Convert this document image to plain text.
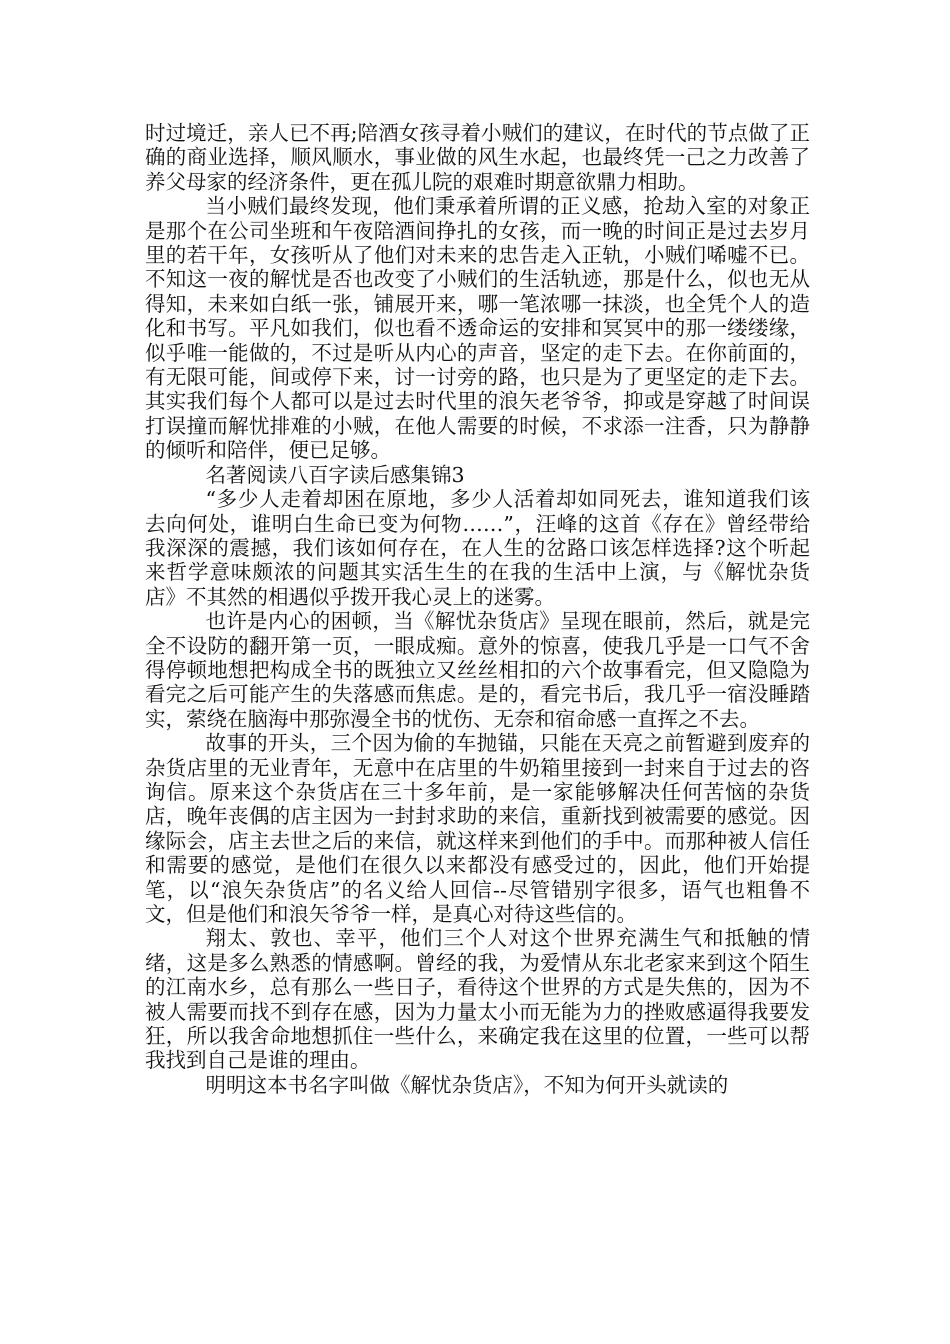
时过境迁，亲人已不再;陪酒女孩寻着小贼们的建议，在时代的节点做了正确的商业选择，顺风顺水，事业做的风生水起，也最终凭一己之力改善了养父母家的经济条件，更在孤儿院的艰难时期意欲鼎力相助。

当小贼们最终发现，他们秉承着所谓的正义感，抢劫入室的对象正是那个在公司坐班和午夜陪酒间挣扎的女孩，而一晚的时间正是过去岁月里的若干年，女孩听从了他们对未来的忠告走入正轨，小贼们唏嘘不已。不知这一夜的解忧是否也改变了小贼们的生活轨迹，那是什么，似也无从得知，未来如白纸一张，铺展开来，哪一笔浓哪一抹淡，也全凭个人的造化和书写。平凡如我们，似也看不透命运的安排和冥冥中的那一缕缕缘，似乎唯一能做的，不过是听从内心的声音，坚定的走下去。在你前面的，有无限可能，间或停下来，讨一讨旁的路，也只是为了更坚定的走下去。其实我们每个人都可以是过去时代里的浪矢老爷爷，抑或是穿越了时间误打误撞而解忧排难的小贼，在他人需要的时候，不求添一注香，只为静静的倾听和陪伴，便已足够。

名著阅读八百字读后感集锦3

“多少人走着却困在原地，多少人活着却如同死去，谁知道我们该去向何处，谁明白生命已变为何物……”，汪峰的这首《存在》曾经带给我深深的震撼，我们该如何存在，在人生的岔路口该怎样选择?这个听起来哲学意味颇浓的问题其实活生生的在我的生活中上演，与《解忧杂货店》不其然的相遇似乎拨开我心灵上的迷雾。

也许是内心的困顿，当《解忧杂货店》呈现在眼前，然后，就是完全不设防的翻开第一页，一眼成痴。意外的惊喜，使我几乎是一口气不舍得停顿地想把构成全书的既独立又丝丝相扣的六个故事看完，但又隐隐为看完之后可能产生的失落感而焦虑。是的，看完书后，我几乎一宿没睡踏实，萦绕在脑海中那弥漫全书的忧伤、无奈和宿命感一直挥之不去。

故事的开头，三个因为偷的车抛锚，只能在天亮之前暂避到废弃的杂货店里的无业青年，无意中在店里的牛奶箱里接到一封来自于过去的咨询信。原来这个杂货店在三十多年前，是一家能够解决任何苦恼的杂货店，晚年丧偶的店主因为一封封求助的来信，重新找到被需要的感觉。因缘际会，店主去世之后的来信，就这样来到他们的手中。而那种被人信任和需要的感觉，是他们在很久以来都没有感受过的，因此，他们开始提笔，以“浪矢杂货店”的名义给人回信--尽管错别字很多，语气也粗鲁不文，但是他们和浪矢爷爷一样，是真心对待这些信的。

翔太、敦也、幸平，他们三个人对这个世界充满生气和抵触的情绪，这是多么熟悉的情感啊。曾经的我，为爱情从东北老家来到这个陌生的江南水乡，总有那么一些日子，看待这个世界的方式是失焦的，因为不被人需要而找不到存在感，因为力量太小而无能为力的挫败感逼得我要发狂，所以我舍命地想抓住一些什么，来确定我在这里的位置，一些可以帮我找到自己是谁的理由。

明明这本书名字叫做《解忧杂货店》，不知为何开头就读的
